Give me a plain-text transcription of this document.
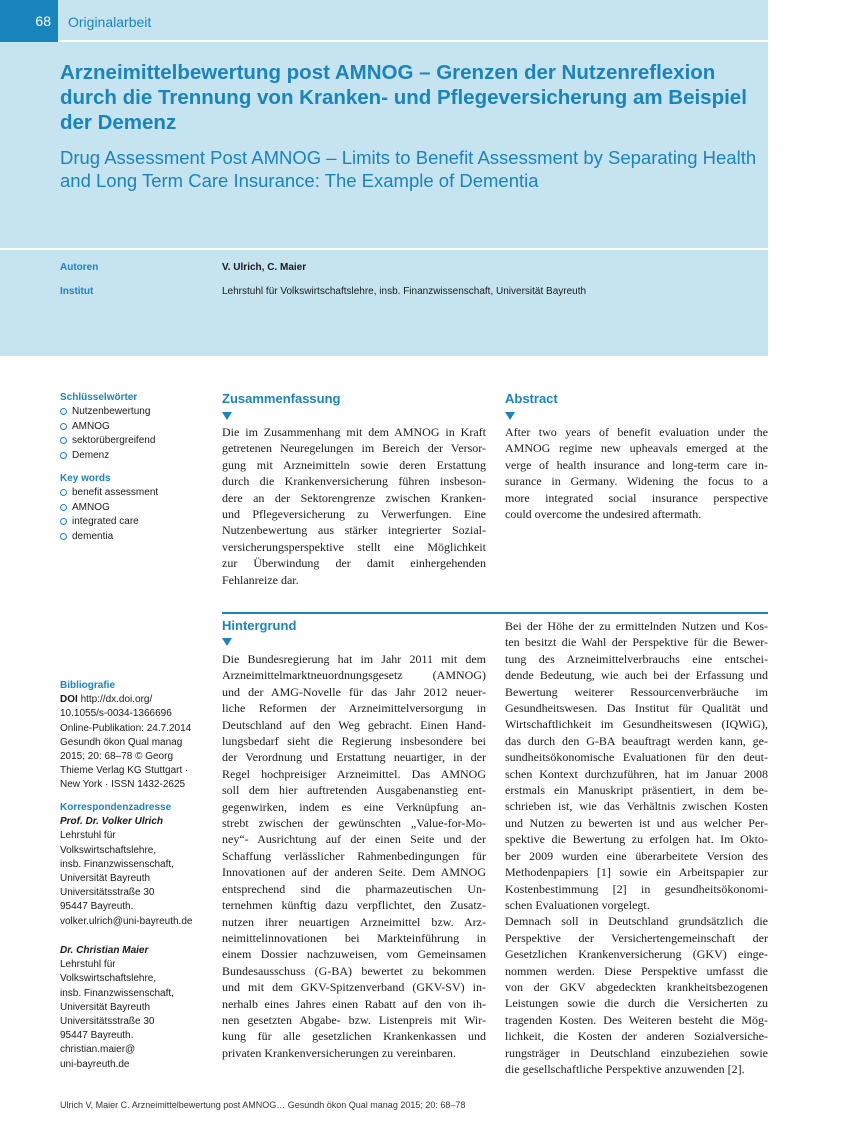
68	Originalarbeit
Arzneimittelbewertung post AMNOG – Grenzen der Nutzenreflexion durch die Trennung von Kranken- und Pflegeversicherung am Beispiel der Demenz
Drug Assessment Post AMNOG – Limits to Benefit Assessment by Separating Health and Long Term Care Insurance: The Example of Dementia
Autoren	V. Ulrich, C. Maier
Institut	Lehrstuhl für Volkswirtschaftslehre, insb. Finanzwissenschaft, Universität Bayreuth
Schlüsselwörter
Nutzenbewertung
AMNOG
sektorübergreifend
Demenz
Key words
benefit assessment
AMNOG
integrated care
dementia
Bibliografie
DOI http://dx.doi.org/
10.1055/s-0034-1366696
Online-Publikation: 24.7.2014
Gesundh ökon Qual manag
2015; 20: 68–78 © Georg
Thieme Verlag KG Stuttgart ·
New York · ISSN 1432-2625
Korrespondenzadresse
Prof. Dr. Volker Ulrich
Lehrstuhl für
Volkswirtschaftslehre,
insb. Finanzwissenschaft,
Universität Bayreuth
Universitätsstraße 30
95447 Bayreuth.
volker.ulrich@uni-bayreuth.de
Dr. Christian Maier
Lehrstuhl für
Volkswirtschaftslehre,
insb. Finanzwissenschaft,
Universität Bayreuth
Universitätsstraße 30
95447 Bayreuth.
christian.maier@
uni-bayreuth.de
Zusammenfassung

Die im Zusammenhang mit dem AMNOG in Kraft

getretenen Neuregelungen im Bereich der Versor-

gung mit Arzneimitteln sowie deren Erstattung

durch die Krankenversicherung führen insbeson-

dere an der Sektorengrenze zwischen Kranken-

und Pflegeversicherung zu Verwerfungen. Eine

Nutzenbewertung aus stärker integrierter Sozial-

versicherungsperspektive stellt eine Möglichkeit

zur Überwindung der damit einhergehenden

Fehlanreize dar.

Abstract

After two years of benefit evaluation under the

AMNOG regime new upheavals emerged at the

verge of health insurance and long-term care in-

surance in Germany. Widening the focus to a

more integrated social insurance perspective

could overcome the undesired aftermath.

Hintergrund

Die Bundesregierung hat im Jahr 2011 mit dem

Arzneimittelmarktneuordnungsgesetz (AMNOG)

und der AMG-Novelle für das Jahr 2012 neuer-

liche Reformen der Arzneimittelversorgung in

Deutschland auf den Weg gebracht. Einen Hand-

lungsbedarf sieht die Regierung insbesondere bei

der Verordnung und Erstattung neuartiger, in der

Regel hochpreisiger Arzneimittel. Das AMNOG

soll dem hier auftretenden Ausgabenanstieg ent-

gegenwirken, indem es eine Verknüpfung an-

strebt zwischen der gewünschten „Value-for-Mo-

ney“- Ausrichtung auf der einen Seite und der

Schaffung verlässlicher Rahmenbedingungen für

Innovationen auf der anderen Seite. Dem AMNOG

entsprechend sind die pharmazeutischen Un-

ternehmen künftig dazu verpflichtet, den Zusatz-

nutzen ihrer neuartigen Arzneimittel bzw. Arz-

neimittelinnovationen bei Markteinführung in

einem Dossier nachzuweisen, vom Gemeinsamen

Bundesausschuss (G-BA) bewertet zu bekommen

und mit dem GKV-Spitzenverband (GKV-SV) in-

nerhalb eines Jahres einen Rabatt auf den von ih-

nen gesetzten Abgabe- bzw. Listenpreis mit Wir-

kung für alle gesetzlichen Krankenkassen und

privaten Krankenversicherungen zu vereinbaren.

Bei der Höhe der zu ermittelnden Nutzen und Kos-

ten besitzt die Wahl der Perspektive für die Bewer-

tung des Arzneimittelverbrauchs eine entschei-

dende Bedeutung, wie auch bei der Erfassung und

Bewertung weiterer Ressourcenverbräuche im

Gesundheitswesen. Das Institut für Qualität und

Wirtschaftlichkeit im Gesundheitswesen (IQWiG),

das durch den G-BA beauftragt werden kann, ge-

sundheitsökonomische Evaluationen für den deut-

schen Kontext durchzuführen, hat im Januar 2008

erstmals ein Manuskript präsentiert, in dem be-

schrieben ist, wie das Verhältnis zwischen Kosten

und Nutzen zu bewerten ist und aus welcher Per-

spektive die Bewertung zu erfolgen hat. Im Okto-

ber 2009 wurden eine überarbeitete Version des

Methodenpapiers [1] sowie ein Arbeitspapier zur

Kostenbestimmung [2] in gesundheitsökonomi-

schen Evaluationen vorgelegt.

Demnach soll in Deutschland grundsätzlich die

Perspektive der Versichertengemeinschaft der

Gesetzlichen Krankenversicherung (GKV) einge-

nommen werden. Diese Perspektive umfasst die

von der GKV abgedeckten krankheitsbezogenen

Leistungen sowie die durch die Versicherten zu

tragenden Kosten. Des Weiteren besteht die Mög-

lichkeit, die Kosten der anderen Sozialversiche-

rungsträger in Deutschland einzubeziehen sowie

die gesellschaftliche Perspektive anzuwenden [2].

Ulrich V, Maier C. Arzneimittelbewertung post AMNOG… Gesundh ökon Qual manag 2015; 20: 68–78
